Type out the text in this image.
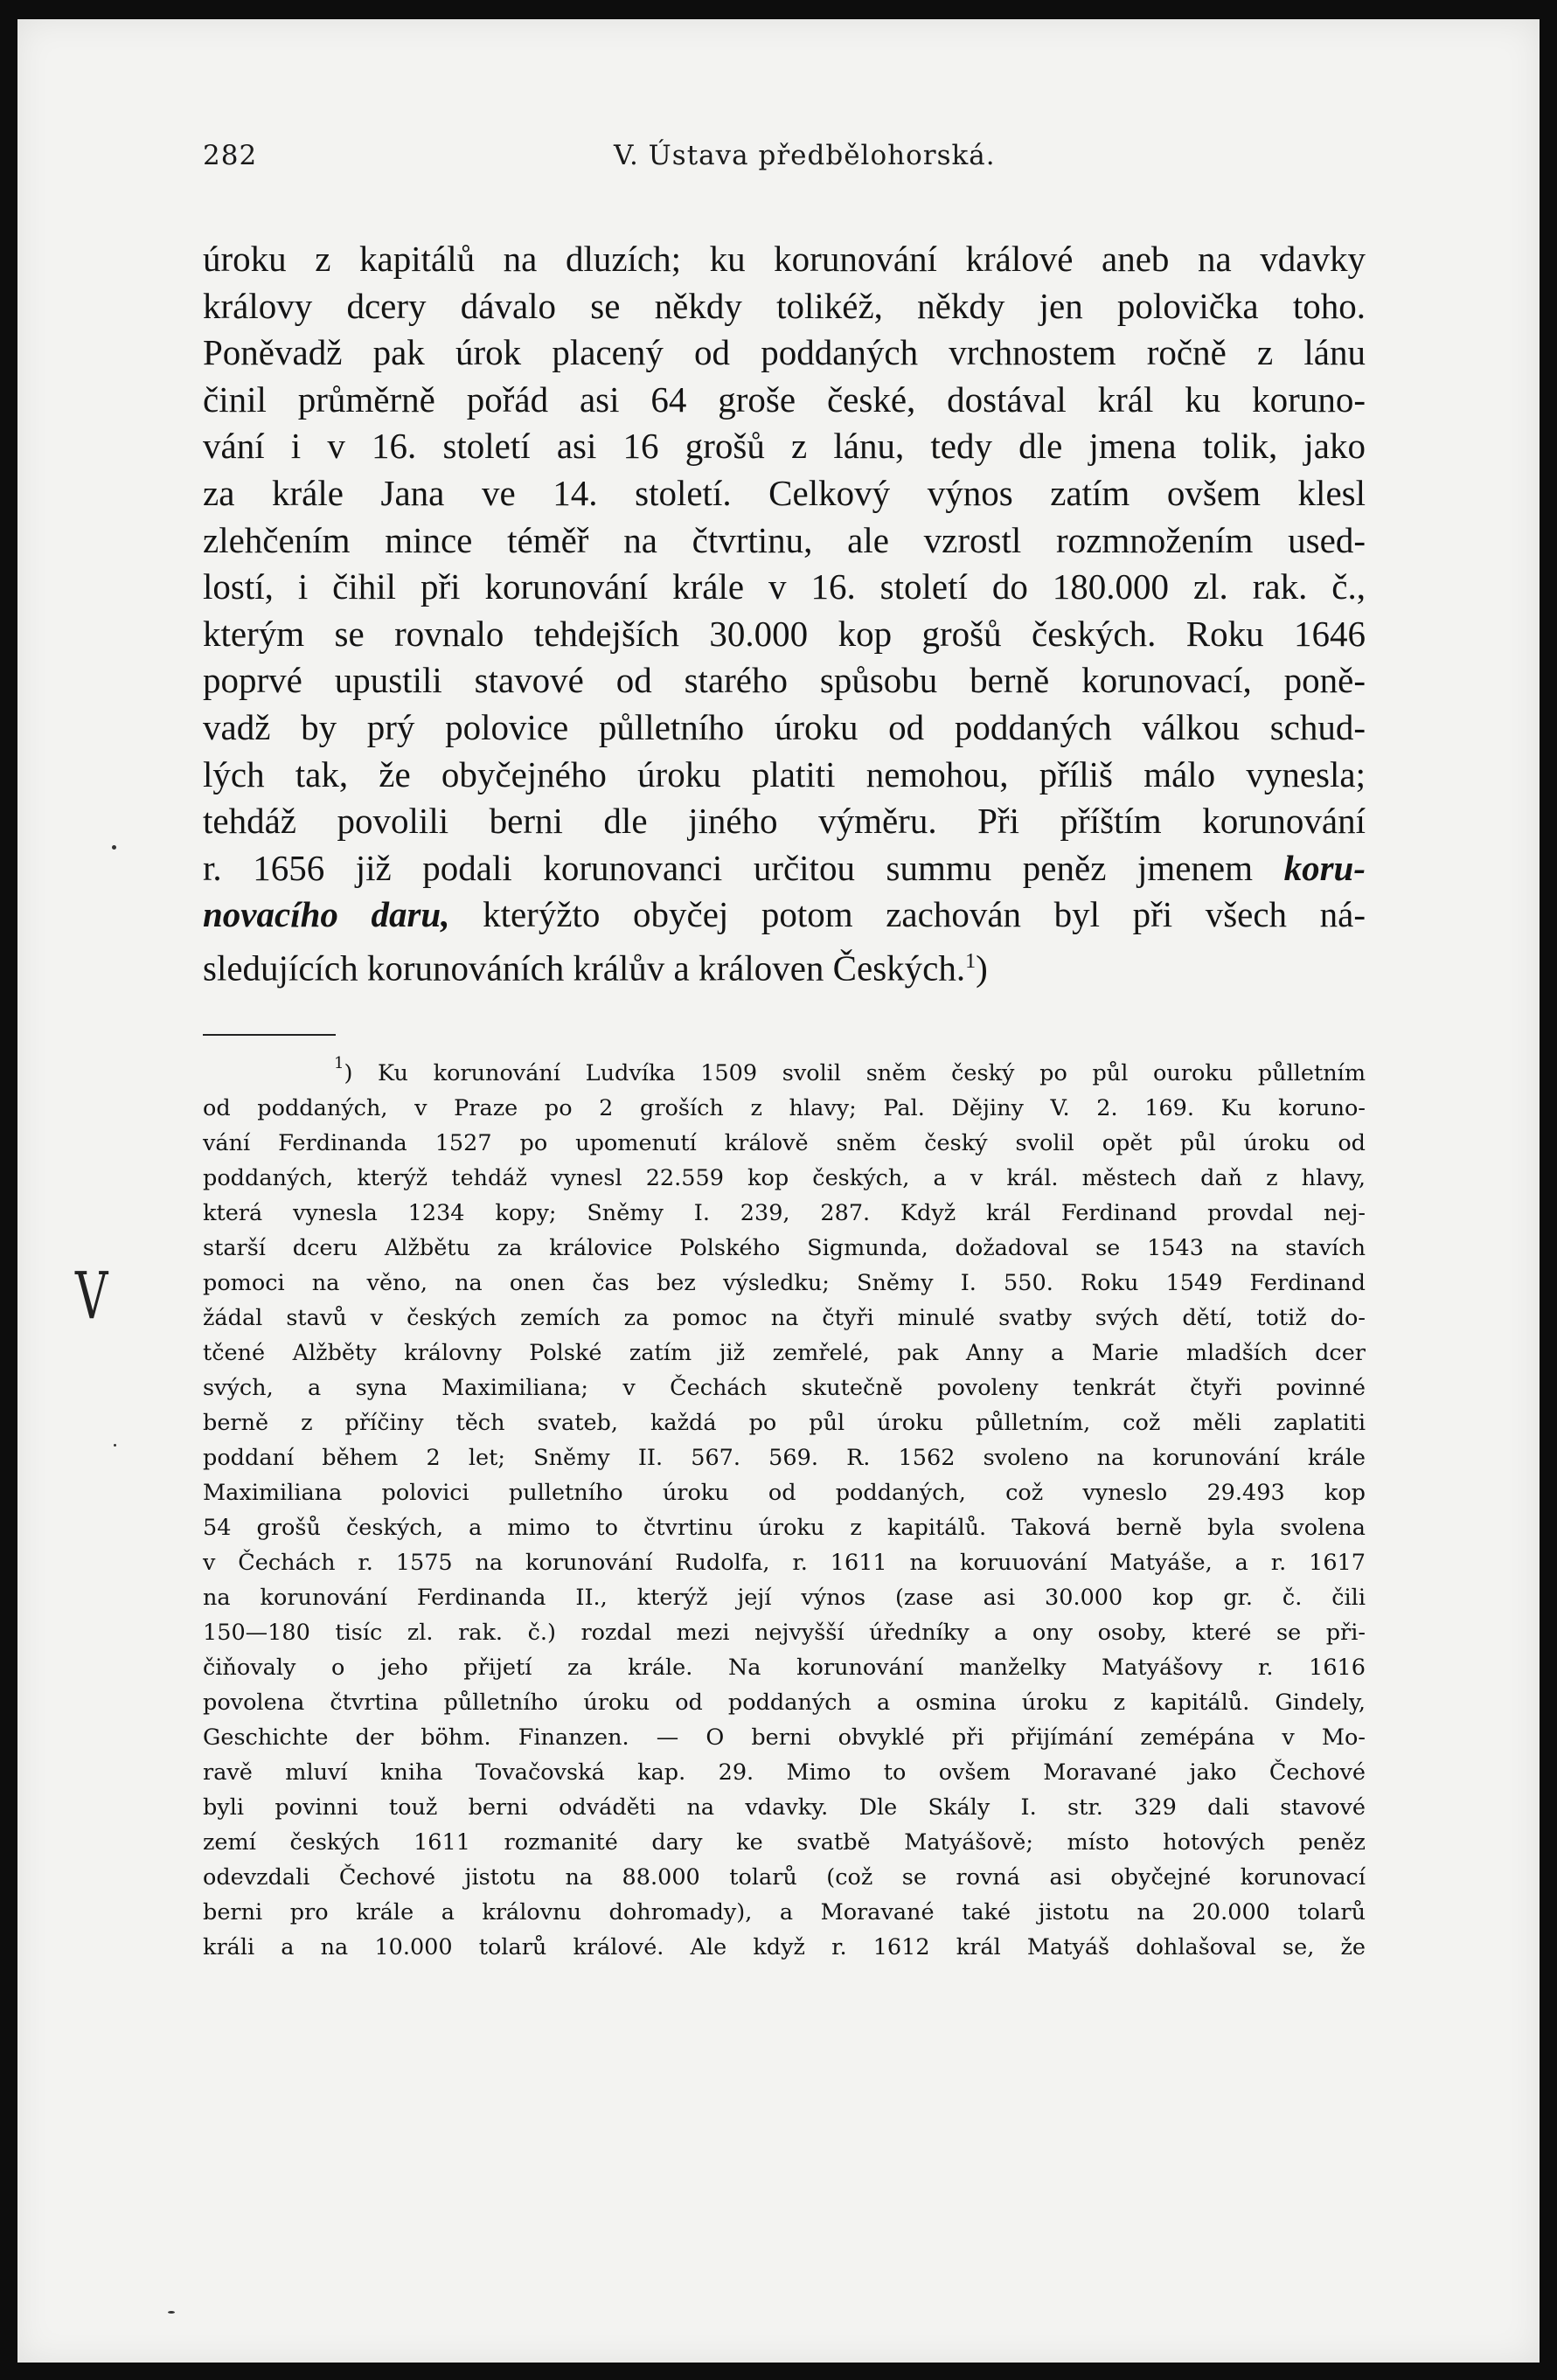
V
282	V. Ústava předbělohorská.
úroku z kapitálů na dluzích; ku korunování králové aneb na vdavky
královy dcery dávalo se někdy tolikéž, někdy jen polovička toho.
Poněvadž pak úrok placený od poddaných vrchnostem ročně z lánu
činil průměrně pořád asi 64 groše české, dostával král ku koruno-
vání i v 16. století asi 16 grošů z lánu, tedy dle jmena tolik, jako
za krále Jana ve 14. století. Celkový výnos zatím ovšem klesl
zlehčením mince téměř na čtvrtinu, ale vzrostl rozmnožením used-
lostí, i čihil při korunování krále v 16. století do 180.000 zl. rak. č.,
kterým se rovnalo tehdejších 30.000 kop grošů českých. Roku 1646
poprvé upustili stavové od starého spůsobu berně korunovací, poně-
vadž by prý polovice půlletního úroku od poddaných válkou schud-
lých tak, že obyčejného úroku platiti nemohou, příliš málo vynesla;
tehdáž povolili berni dle jiného výměru. Při příštím korunování
r. 1656 již podali korunovanci určitou summu peněz jmenem koru-
novacího daru, kterýžto obyčej potom zachován byl při všech ná-
sledujících korunováních králův a královen Českých.$^1$)
$^1$) Ku korunování Ludvíka 1509 svolil sněm český po půl ouroku půlletním
od poddaných, v Praze po 2 groších z hlavy; Pal. Dějiny V. 2. 169. Ku koruno-
vání Ferdinanda 1527 po upomenutí králově sněm český svolil opět půl úroku od
poddaných, kterýž tehdáž vynesl 22.559 kop českých, a v král. městech daň z hlavy,
která vynesla 1234 kopy; Sněmy I. 239, 287. Když král Ferdinand provdal nej-
starší dceru Alžbětu za královice Polského Sigmunda, dožadoval se 1543 na stavích
pomoci na věno, na onen čas bez výsledku; Sněmy I. 550. Roku 1549 Ferdinand
žádal stavů v českých zemích za pomoc na čtyři minulé svatby svých dětí, totiž do-
tčené Alžběty královny Polské zatím již zemřelé, pak Anny a Marie mladších dcer
svých, a syna Maximiliana; v Čechách skutečně povoleny tenkrát čtyři povinné
berně z příčiny těch svateb, každá po půl úroku půlletním, což měli zaplatiti
poddaní během 2 let; Sněmy II. 567. 569. R. 1562 svoleno na korunování krále
Maximiliana polovici pulletního úroku od poddaných, což vyneslo 29.493 kop
54 grošů českých, a mimo to čtvrtinu úroku z kapitálů. Taková berně byla svolena
v Čechách r. 1575 na korunování Rudolfa, r. 1611 na koruuování Matyáše, a r. 1617
na korunování Ferdinanda II., kterýž její výnos (zase asi 30.000 kop gr. č. čili
150—180 tisíc zl. rak. č.) rozdal mezi nejvyšší úředníky a ony osoby, které se při-
čiňovaly o jeho přijetí za krále. Na korunování manželky Matyášovy r. 1616
povolena čtvrtina půlletního úroku od poddaných a osmina úroku z kapitálů. Gindely,
Geschichte der böhm. Finanzen. — O berni obvyklé při přijímání zemépána v Mo-
ravě mluví kniha Tovačovská kap. 29. Mimo to ovšem Moravané jako Čechové
byli povinni touž berni odváděti na vdavky. Dle Skály I. str. 329 dali stavové
zemí českých 1611 rozmanité dary ke svatbě Matyášově; místo hotových peněz
odevzdali Čechové jistotu na 88.000 tolarů (což se rovná asi obyčejné korunovací
berni pro krále a královnu dohromady), a Moravané také jistotu na 20.000 tolarů
králi a na 10.000 tolarů králové. Ale když r. 1612 král Matyáš dohlašoval se, že
